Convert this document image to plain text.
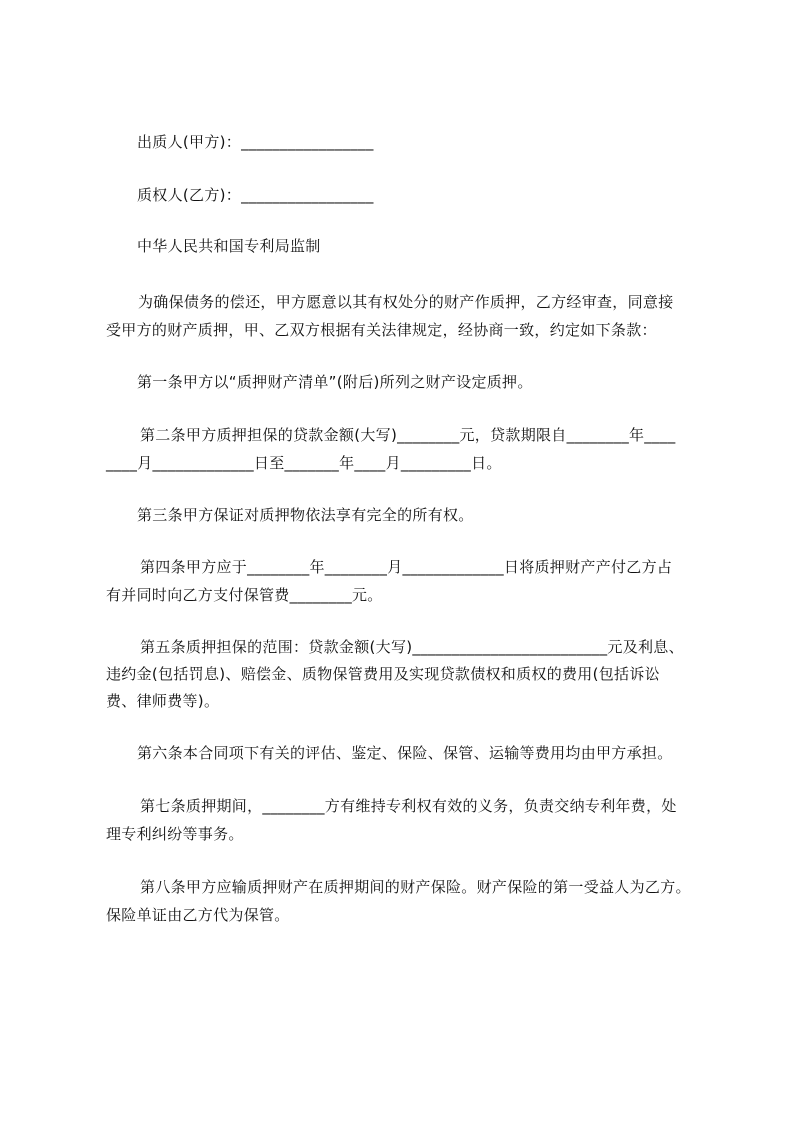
出质人(甲方)：_________________
质权人(乙方)：_________________
中华人民共和国专利局监制
为确保债务的偿还，甲方愿意以其有权处分的财产作质押，乙方经审查，同意接
受甲方的财产质押，甲、乙双方根据有关法律规定，经协商一致，约定如下条款：
第一条甲方以“质押财产清单”(附后)所列之财产设定质押。
第二条甲方质押担保的贷款金额(大写)________元，贷款期限自________年____
____月_____________日至_______年____月_________日。
第三条甲方保证对质押物依法享有完全的所有权。
第四条甲方应于________年________月_____________日将质押财产产付乙方占
有并同时向乙方支付保管费________元。
第五条质押担保的范围：贷款金额(大写)_________________________元及利息、
违约金(包括罚息)、赔偿金、质物保管费用及实现贷款债权和质权的费用(包括诉讼
费、律师费等)。
第六条本合同项下有关的评估、鉴定、保险、保管、运输等费用均由甲方承担。
第七条质押期间，________方有维持专利权有效的义务，负责交纳专利年费，处
理专利纠纷等事务。
第八条甲方应输质押财产在质押期间的财产保险。财产保险的第一受益人为乙方。
保险单证由乙方代为保管。
